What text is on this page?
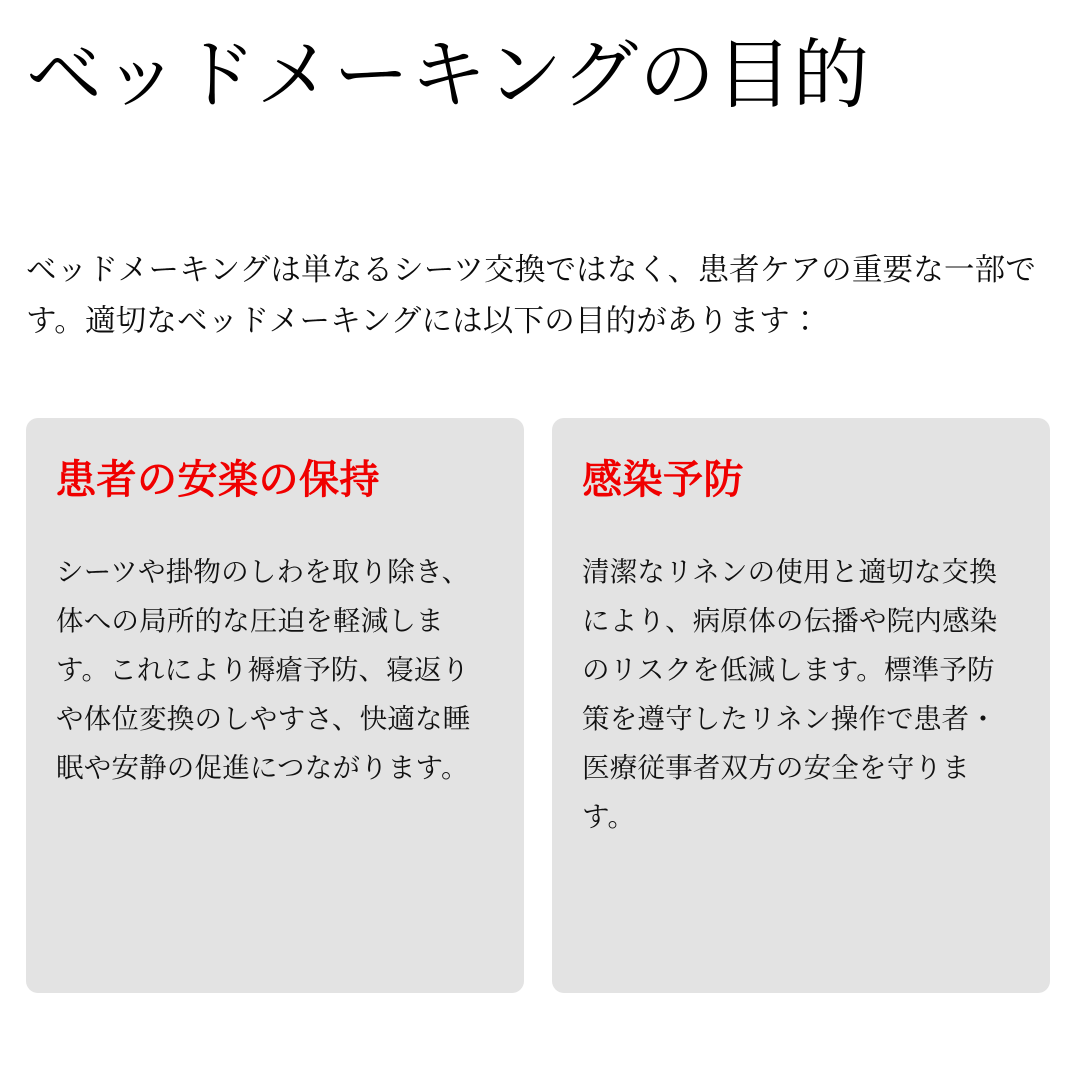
ベッドメーキングの目的

ベッドメーキングは単なるシーツ交換ではなく、患者ケアの重要な一部です。適切なベッドメーキングには以下の目的があります：

患者の安楽の保持

シーツや掛物のしわを取り除き、体への局所的な圧迫を軽減します。これにより褥瘡予防、寝返りや体位変換のしやすさ、快適な睡眠や安静の促進につながります。

感染予防

清潔なリネンの使用と適切な交換により、病原体の伝播や院内感染のリスクを低減します。標準予防策を遵守したリネン操作で患者・医療従事者双方の安全を守ります。
